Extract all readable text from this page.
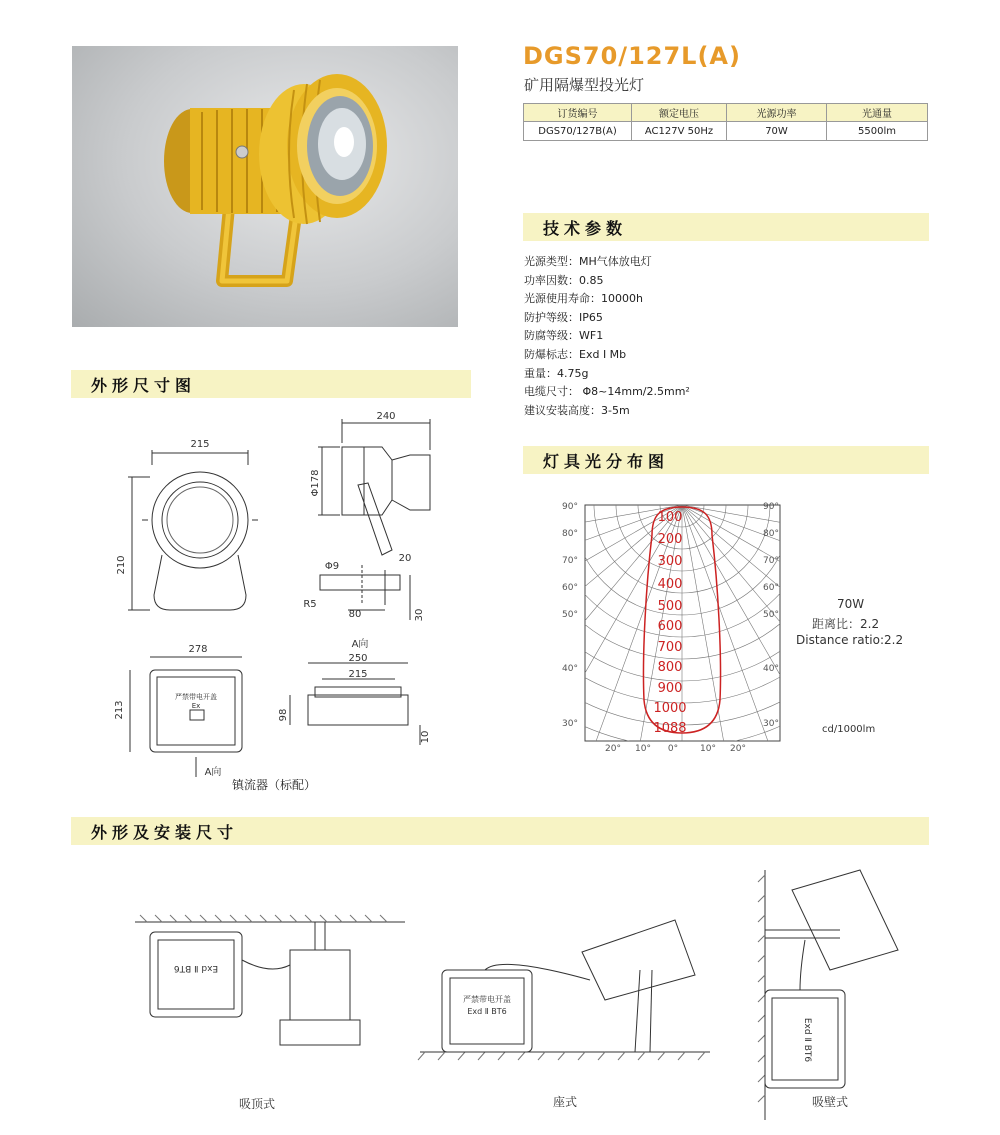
DGS70/127L(A)
矿用隔爆型投光灯
订货编号	额定电压	光源功率	光通量
DGS70/127B(A)	AC127V 50Hz	70W	5500lm
技术参数
光源类型：MH气体放电灯
功率因数：0.85
光源使用寿命：10000h
防护等级：IP65
防腐等级：WF1
防爆标志：Exd I Mb
重量：4.75g
电缆尺寸： Φ8~14mm/2.5mm²
建议安装高度：3-5m
灯具光分布图
90°
80°
70°
60°
50°
40°
30°
90°
80°
70°
60°
50°
40°
30°
20° 10° 0° 10° 20°
100
200
300
400
500
600
700
800
900
1000
1088
70W
距离比：2.2
Distance ratio:2.2
cd/1000lm
外形尺寸图
215
210
240
Φ178
Φ9
20
R5
80	30
A向
278
213
250
215
98
10
A向
严禁带电开盖
Ex
镇流器（标配）
外形及安装尺寸
Exd Ⅱ BT6
严禁带电开盖
Exd Ⅱ BT6
Exd Ⅱ BT6
吸顶式	座式	吸壁式
